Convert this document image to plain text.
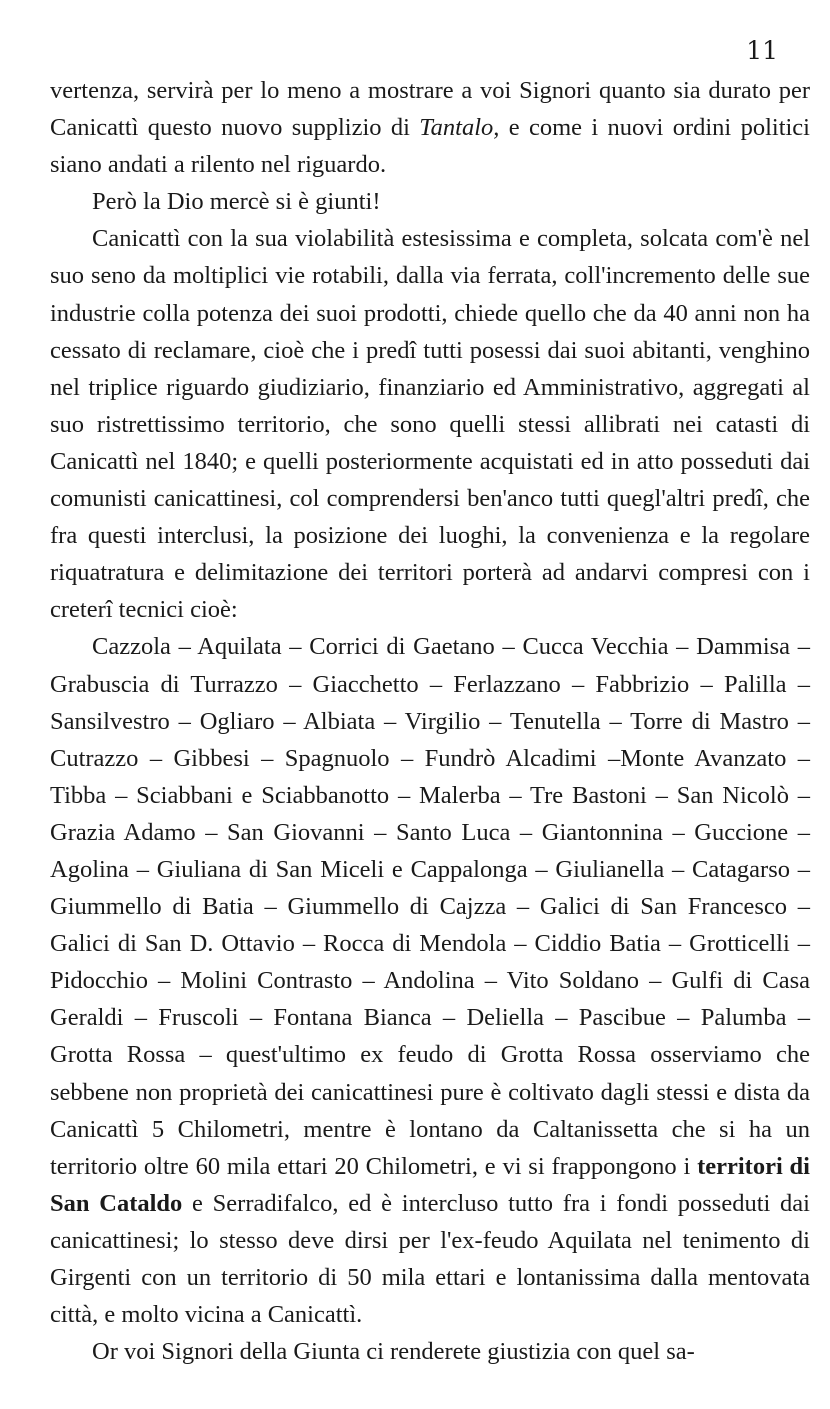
11

vertenza, servirà per lo meno a mostrare a voi Signori quanto sia durato per Canicattì questo nuovo supplizio di Tantalo, e come i nuovi ordini politici siano andati a rilento nel riguardo.

Però la Dio mercè si è giunti!

Canicattì con la sua violabilità estesissima e completa, solcata com'è nel suo seno da moltiplici vie rotabili, dalla via ferrata, coll'incremento delle sue industrie colla potenza dei suoi prodotti, chiede quello che da 40 anni non ha cessato di reclamare, cioè che i predî tutti posessi dai suoi abitanti, venghino nel triplice riguardo giudiziario, finanziario ed Amministrativo, aggregati al suo ristrettissimo territorio, che sono quelli stessi allibrati nei catasti di Canicattì nel 1840; e quelli posteriormente acquistati ed in atto posseduti dai comunisti canicattinesi, col comprendersi ben'anco tutti quegl'altri predî, che fra questi interclusi, la posizione dei luoghi, la convenienza e la regolare riquatratura e delimitazione dei territori porterà ad andarvi compresi con i creterî tecnici cioè:

Cazzola – Aquilata – Corrici di Gaetano – Cucca Vecchia – Dammisa – Grabuscia di Turrazzo – Giacchetto – Ferlazzano – Fabbrizio – Palilla – Sansilvestro – Ogliaro – Albiata – Virgilio – Tenutella – Torre di Mastro – Cutrazzo – Gibbesi – Spagnuolo – Fundrò Alcadimi –Monte Avanzato – Tibba – Sciabbani e Sciabbanotto – Malerba – Tre Bastoni – San Nicolò – Grazia Adamo – San Giovanni – Santo Luca – Giantonnina – Guccione – Agolina – Giuliana di San Miceli e Cappalonga – Giulianella – Catagarso – Giummello di Batia – Giummello di Cajzza – Galici di San Francesco – Galici di San D. Ottavio – Rocca di Mendola – Ciddio Batia – Grotticelli – Pidocchio – Molini Contrasto – Andolina – Vito Soldano – Gulfi di Casa Geraldi – Fruscoli – Fontana Bianca – Deliella – Pascibue – Palumba – Grotta Rossa – quest'ultimo ex feudo di Grotta Rossa osserviamo che sebbene non proprietà dei canicattinesi pure è coltivato dagli stessi e dista da Canicattì 5 Chilometri, mentre è lontano da Caltanissetta che si ha un territorio oltre 60 mila ettari 20 Chilometri, e vi si frappongono i territori di San Cataldo e Serradifalco, ed è intercluso tutto fra i fondi posseduti dai canicattinesi; lo stesso deve dirsi per l'ex-feudo Aquilata nel tenimento di Girgenti con un territorio di 50 mila ettari e lontanissima dalla mentovata città, e molto vicina a Canicattì.

Or voi Signori della Giunta ci renderete giustizia con quel sa-
